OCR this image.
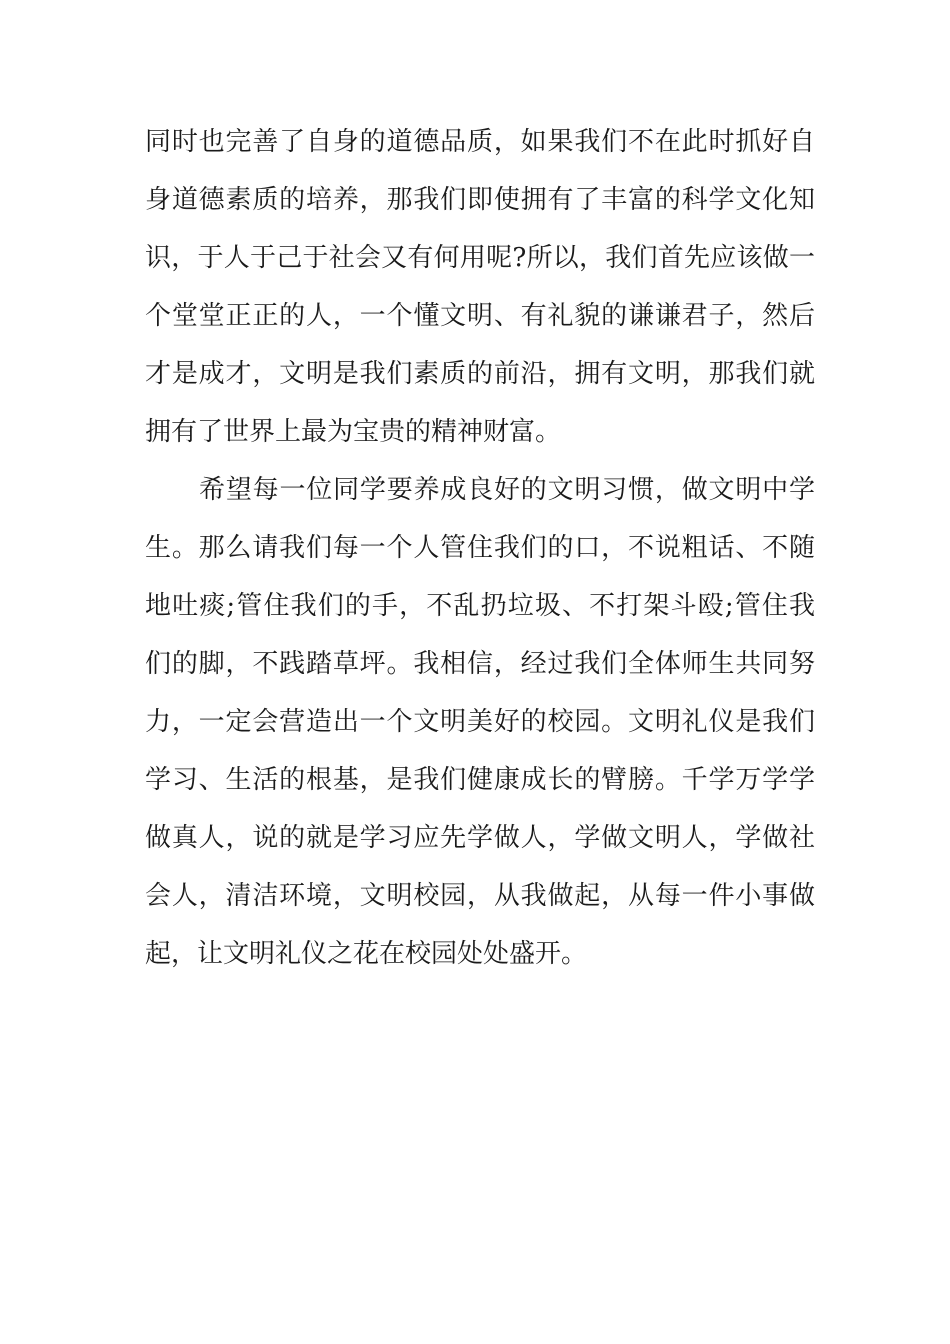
同时也完善了自身的道德品质，如果我们不在此时抓好自
身道德素质的培养，那我们即使拥有了丰富的科学文化知
识，于人于己于社会又有何用呢?所以，我们首先应该做一
个堂堂正正的人，一个懂文明、有礼貌的谦谦君子，然后
才是成才，文明是我们素质的前沿，拥有文明，那我们就
拥有了世界上最为宝贵的精神财富。
希望每一位同学要养成良好的文明习惯，做文明中学
生。那么请我们每一个人管住我们的口，不说粗话、不随
地吐痰;管住我们的手，不乱扔垃圾、不打架斗殴;管住我
们的脚，不践踏草坪。我相信，经过我们全体师生共同努
力，一定会营造出一个文明美好的校园。文明礼仪是我们
学习、生活的根基，是我们健康成长的臂膀。千学万学学
做真人，说的就是学习应先学做人，学做文明人，学做社
会人，清洁环境，文明校园，从我做起，从每一件小事做
起，让文明礼仪之花在校园处处盛开。
